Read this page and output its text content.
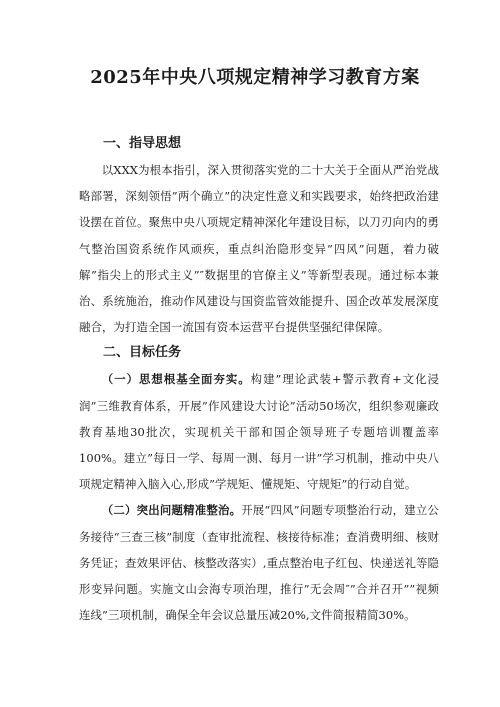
2025年中央八项规定精神学习教育方案
一、指导思想

以XXX为根本指引，深入贯彻落实党的二十大关于全面从严治党战略部署，深刻领悟”两个确立”的决定性意义和实践要求，始终把政治建设摆在首位。聚焦中央八项规定精神深化年建设目标，以刀刃向内的勇气整治国资系统作风顽疾，重点纠治隐形变异”四风”问题，着力破解”指尖上的形式主义”″数据里的官僚主义”等新型表现。通过标本兼治、系统施治，推动作风建设与国资监管效能提升、国企改革发展深度融合，为打造全国一流国有资本运营平台提供坚强纪律保障。

二、目标任务

（一）思想根基全面夯实。构建”理论武装+警示教育+文化浸润”三维教育体系，开展”作风建设大讨论”活动50场次，组织参观廉政教育基地30批次，实现机关干部和国企领导班子专题培训覆盖率100%。建立”每日一学、每周一测、每月一讲”学习机制，推动中央八项规定精神入脑入心,形成”学规矩、懂规矩、守规矩”的行动自觉。

（二）突出问题精准整治。开展“四风”问题专项整治行动，建立公务接待“三查三核”制度（查审批流程、核接待标准；查消费明细、核财务凭证；查效果评估、核整改落实）,重点整治电子红包、快递送礼等隐形变异问题。实施文山会海专项治理，推行”无会周″”合并召开””视频连线”三项机制，确保全年会议总量压减20%,文件简报精简30%。
